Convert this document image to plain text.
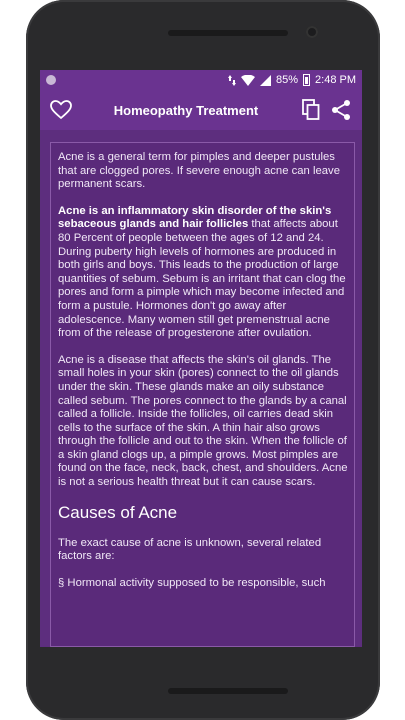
85% 2:48 PM
Homeopathy Treatment

Acne is a general term for pimples and deeper pustules that are clogged pores. If severe enough acne can leave permanent scars.

Acne is an inflammatory skin disorder of the skin's sebaceous glands and hair follicles that affects about 80 Percent of people between the ages of 12 and 24. During puberty high levels of hormones are produced in both girls and boys. This leads to the production of large quantities of sebum. Sebum is an irritant that can clog the pores and form a pimple which may become infected and form a pustule. Hormones don't go away after adolescence. Many women still get premenstrual acne from of the release of progesterone after ovulation.

Acne is a disease that affects the skin's oil glands. The small holes in your skin (pores) connect to the oil glands under the skin. These glands make an oily substance called sebum. The pores connect to the glands by a canal called a follicle. Inside the follicles, oil carries dead skin cells to the surface of the skin. A thin hair also grows through the follicle and out to the skin. When the follicle of a skin gland clogs up, a pimple grows. Most pimples are found on the face, neck, back, chest, and shoulders. Acne is not a serious health threat but it can cause scars.

Causes of Acne

The exact cause of acne is unknown, several related factors are:

§ Hormonal activity supposed to be responsible, such
